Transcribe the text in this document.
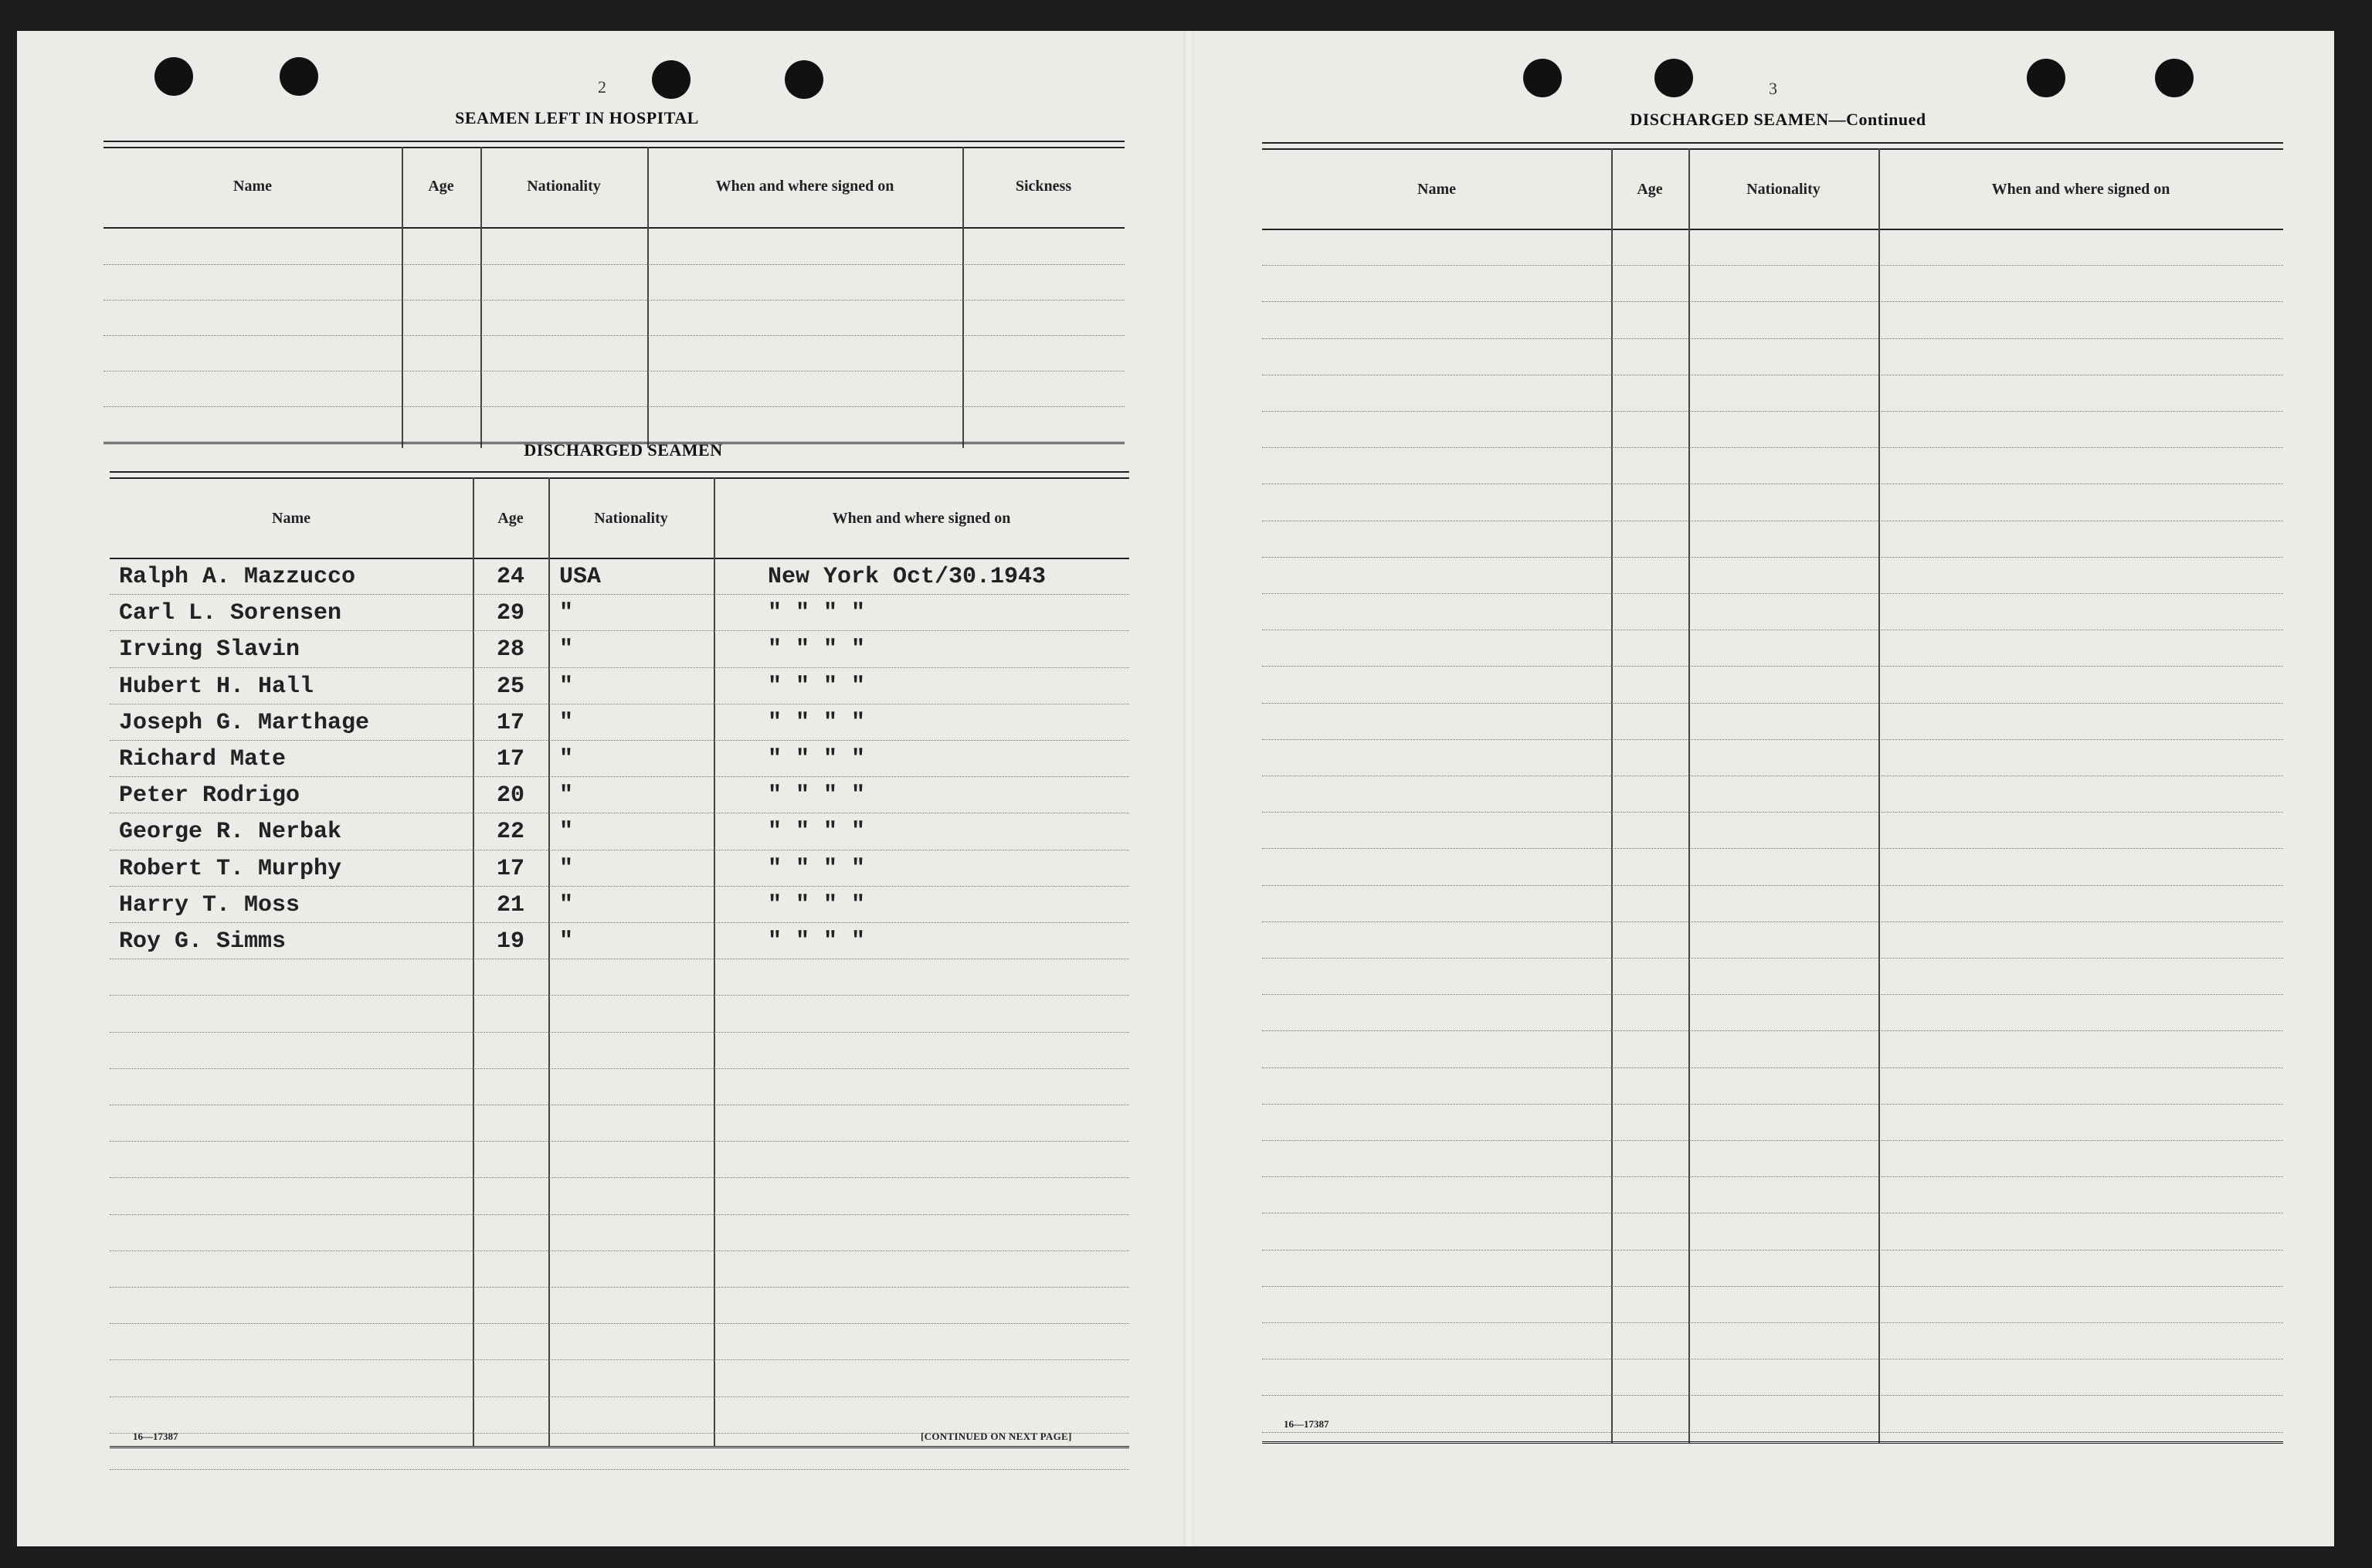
2
SEAMEN LEFT IN HOSPITAL
Name	Age	Nationality	When and where signed on	Sickness
DISCHARGED SEAMEN
Name	Age	Nationality	When and where signed on
Ralph A. Mazzucco	24	USA	New York Oct/30.1943
Carl L. Sorensen	29	"	" " " "
Irving Slavin	28	"	" " " "
Hubert H. Hall	25	"	" " " "
Joseph G. Marthage	17	"	" " " "
Richard Mate	17	"	" " " "
Peter Rodrigo	20	"	" " " "
George R. Nerbak	22	"	" " " "
Robert T. Murphy	17	"	" " " "
Harry T. Moss	21	"	" " " "
Roy G. Simms	19	"	" " " "
16—17387	[CONTINUED ON NEXT PAGE]
3
DISCHARGED SEAMEN—Continued
Name	Age	Nationality	When and where signed on
16—17387
